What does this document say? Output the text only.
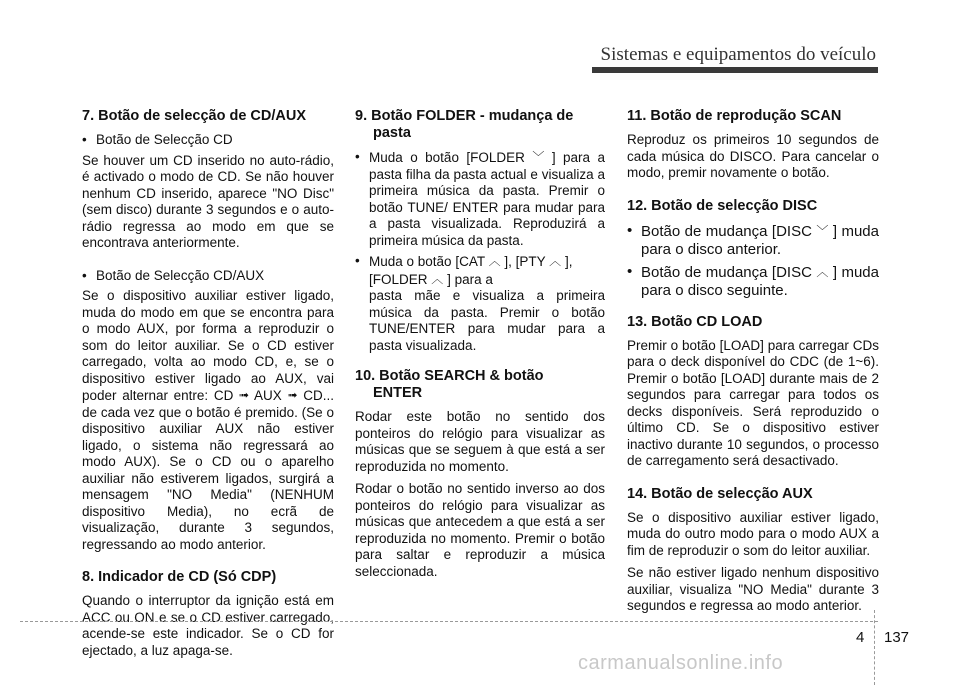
Sistemas e equipamentos do veículo
7. Botão de selecção de CD/AUX
• Botão de Selecção CD

Se houver um CD inserido no auto-rádio, é activado o modo de CD. Se não houver nenhum CD inserido, aparece "NO Disc" (sem disco) durante 3 segundos e o auto-rádio regressa ao modo em que se encontrava anteriormente.

• Botão de Selecção CD/AUX

Se o dispositivo auxiliar estiver ligado, muda do modo em que se encontra para o modo AUX, por forma a reproduzir o som do leitor auxiliar. Se o CD estiver carregado, volta ao modo CD, e, se o dispositivo estiver ligado ao AUX, vai poder alternar entre: CD ➟ AUX ➟ CD... de cada vez que o botão é premido. (Se o dispositivo auxiliar AUX não estiver ligado, o sistema não regressará ao modo AUX). Se o CD ou o aparelho auxiliar não estiverem ligados, surgirá a mensagem "NO Media" (NENHUM dispositivo Media), no ecrã de visualização, durante 3 segundos, regressando ao modo anterior.

8. Indicador de CD (Só CDP)

Quando o interruptor da ignição está em ACC ou ON e se o CD estiver carregado, acende-se este indicador. Se o CD for ejectado, a luz apaga-se.

9. Botão FOLDER - mudança de
pasta
• Muda o botão [FOLDER ﹀ ] para a pasta filha da pasta actual e visualiza a primeira música da pasta. Premir o botão TUNE/ ENTER para mudar para a pasta visualizada. Reproduzirá a primeira música da pasta.
• Muda o botão [CAT ︿ ], [PTY ︿ ],
[FOLDER ︿ ] para a
pasta mãe e visualiza a primeira música da pasta. Premir o botão TUNE/ENTER para mudar para a pasta visualizada.
10. Botão SEARCH & botão
ENTER

Rodar este botão no sentido dos ponteiros do relógio para visualizar as músicas que se seguem à que está a ser reproduzida no momento.

Rodar o botão no sentido inverso ao dos ponteiros do relógio para visualizar as músicas que antecedem a que está a ser reproduzida no momento. Premir o botão para saltar e reproduzir a música seleccionada.

11. Botão de reprodução SCAN

Reproduz os primeiros 10 segundos de cada música do DISCO. Para cancelar o modo, premir novamente o botão.

12. Botão de selecção DISC
• Botão de mudança [DISC ﹀ ] muda para o disco anterior.
• Botão de mudança [DISC ︿ ] muda para o disco seguinte.
13. Botão CD LOAD

Premir o botão [LOAD] para carregar CDs para o deck disponível do CDC (de 1~6). Premir o botão [LOAD] durante mais de 2 segundos para carregar para todos os decks disponíveis. Será reproduzido o último CD. Se o dispositivo estiver inactivo durante 10 segundos, o processo de carregamento será desactivado.

14. Botão de selecção AUX

Se o dispositivo auxiliar estiver ligado, muda do outro modo para o modo AUX a fim de reproduzir o som do leitor auxiliar.

Se não estiver ligado nenhum dispositivo auxiliar, visualiza "NO Media" durante 3 segundos e regressa ao modo anterior.

4 137
carmanualsonline.info
